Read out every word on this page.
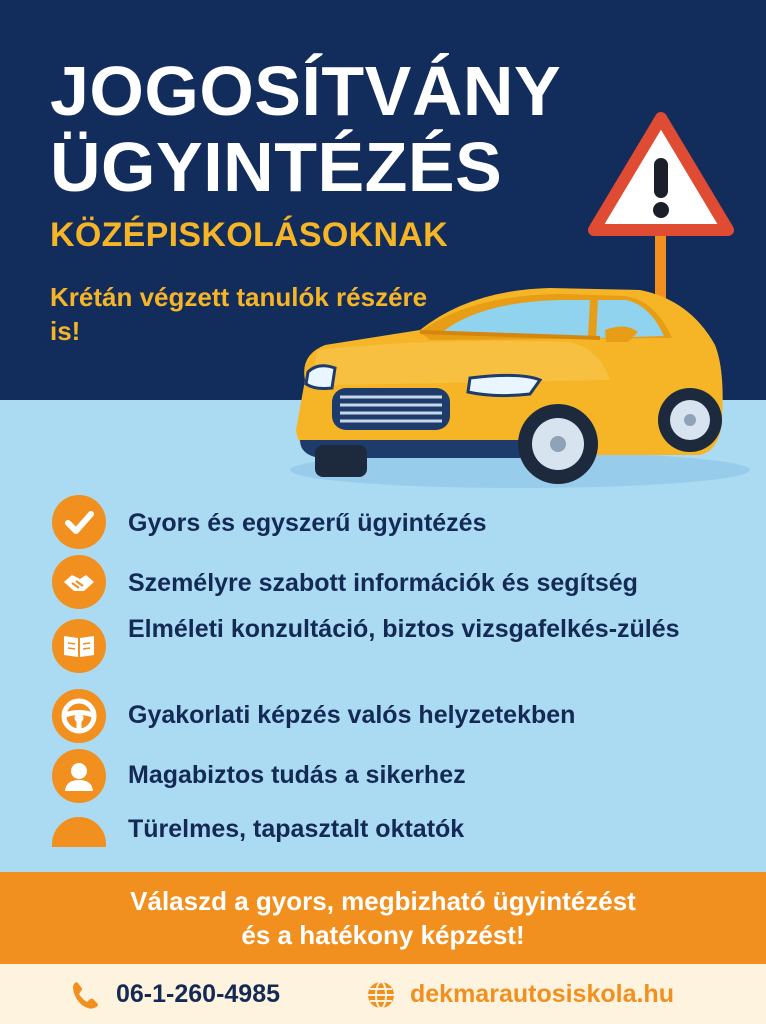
JOGOSÍTVÁNY
ÜGYINTÉZÉS
KÖZÉPISKOLÁSOKNAK

Krétán végzett tanulók részére is!

Gyors és egyszerű ügyintézés
Személyre szabott információk és segítség
Elméleti konzultáció, biztos vizsgafelkés-zülés
Gyakorlati képzés valós helyzetekben
Magabiztos tudás a sikerhez
Türelmes, tapasztalt oktatók
Válaszd a gyors, megbizható ügyintézést
és a hatékony képzést!
06-1-260-4985	dekmarautosiskola.hu
